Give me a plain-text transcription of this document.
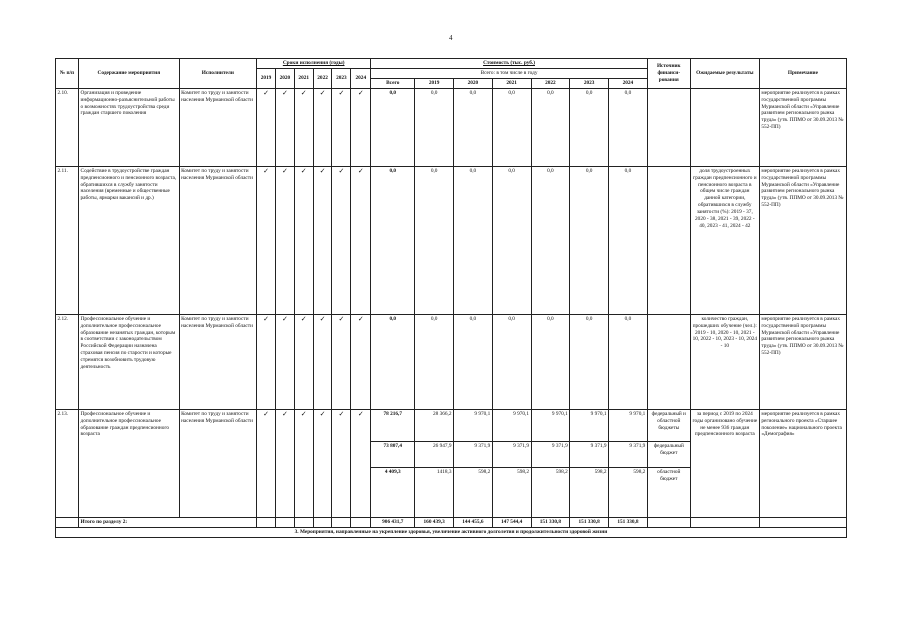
4
№ п/п	Содержание мероприятия	Исполнители	Сроки исполнения (годы)						Стоимость (тыс. руб.)							Источник финанси-рования	Ожидаемые результаты	Примечание
			2019	2020	2021	2022	2023	2024	Всего: в том числе в году									
									Всего	2019	2020	2021	2022	2023	2024			
2.10.	Организация и проведение информационно-разъяснительной работы о возможностях трудоустройства среди граждан старшего поколения	Комитет по труду и занятости населения Мурманской области	✓	✓	✓	✓	✓	✓	0,0	0,0	0,0	0,0	0,0	0,0	0,0			мероприятие реализуется в рамках государственной программы Мурманской области «Управление развитием регионального рынка труда» (утв. ППМО от 30.09.2013 № 552-ПП)
2.11.	Содействие в трудоустройстве граждан предпенсионного и пенсионного возраста, обратившихся в службу занятости населения (временные и общественные работы, ярмарки вакансий и др.)	Комитет по труду и занятости населения Мурманской области	✓	✓	✓	✓	✓	✓	0,0	0,0	0,0	0,0	0,0	0,0	0,0		доля трудоустроенных граждан предпенсионного и пенсионного возраста в общем числе граждан данной категории, обратившихся в службу занятости (%): 2019 - 37, 2020 - 38, 2021 - 39, 2022 - 40, 2023 - 41, 2024 - 42	мероприятие реализуется в рамках государственной программы Мурманской области «Управление развитием регионального рынка труда» (утв. ППМО от 30.09.2013 № 552-ПП)
2.12.	Профессиональное обучение и дополнительное профессиональное образование незанятых граждан, которым в соответствии с законодательством Российской Федерации назначена страховая пенсия по старости и которые стремятся возобновить трудовую деятельность	Комитет по труду и занятости населения Мурманской области	✓	✓	✓	✓	✓	✓	0,0	0,0	0,0	0,0	0,0	0,0	0,0		количество граждан, прошедших обучение (чел.): 2019 - 10, 2020 - 10, 2021 - 10, 2022 - 10, 2023 - 10, 2024 - 10	мероприятие реализуется в рамках государственной программы Мурманской области «Управление развитием регионального рынка труда» (утв. ППМО от 30.09.2013 № 552-ПП)
2.13.	Профессиональное обучение и дополнительное профессиональное образование граждан предпенсионного возраста	Комитет по труду и занятости населения Мурманской области	✓	✓	✓	✓	✓	✓	78 216,7	28 366,2	9 970,1	9 970,1	9 970,1	9 970,1	9 970,1	федеральный и областной бюджеты	за период с 2019 по 2024 годы организовано обучение не менее 936 граждан предпенсионного возраста	мероприятие реализуется в рамках регионального проекта «Старшее поколение» национального проекта «Демография»
									73 807,4	26 947,9	9 371,9	9 371,9	9 371,9	9 371,9	9 371,9	федеральный бюджет		
									4 409,3	1418,3	598,2	598,2	598,2	598,2	598,2	областной бюджет		
	Итого по разделу 2:								906 431,7	160 439,3	144 455,6	147 544,4	151 330,8	151 330,8	151 330,8			
3. Мероприятия, направленные на укрепление здоровья, увеличение активного долголетия и продолжительности здоровой жизни																		
